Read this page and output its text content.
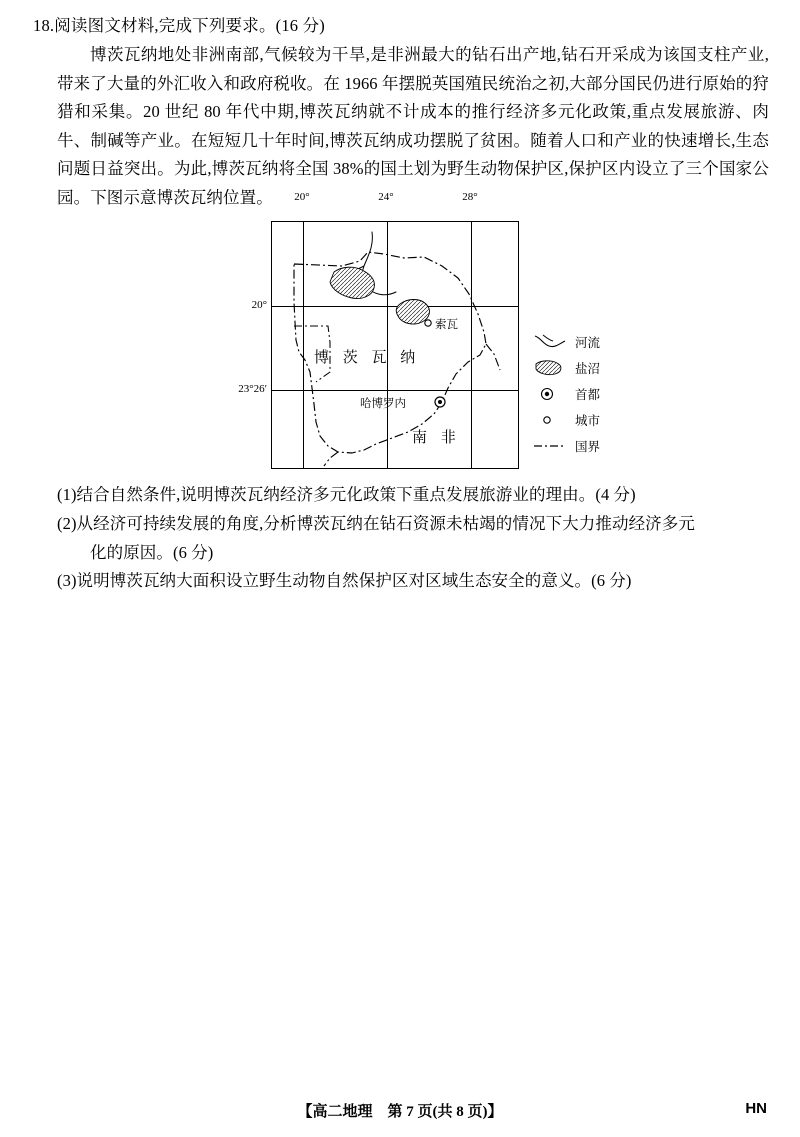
18.阅读图文材料,完成下列要求。(16 分)
博茨瓦纳地处非洲南部,气候较为干旱,是非洲最大的钻石出产地,钻石开采成为该国支柱产业,带来了大量的外汇收入和政府税收。在 1966 年摆脱英国殖民统治之初,大部分国民仍进行原始的狩猎和采集。20 世纪 80 年代中期,博茨瓦纳就不计成本的推行经济多元化政策,重点发展旅游、肉牛、制碱等产业。在短短几十年时间,博茨瓦纳成功摆脱了贫困。随着人口和产业的快速增长,生态问题日益突出。为此,博茨瓦纳将全国 38%的国土划为野生动物保护区,保护区内设立了三个国家公园。下图示意博茨瓦纳位置。	20°	24°	28°
20°
23°26′
博 茨 瓦 纳
南 非
索瓦
哈博罗内
河流
盐沼
首都
城市
国界
(1)结合自然条件,说明博茨瓦纳经济多元化政策下重点发展旅游业的理由。(4 分)
(2)从经济可持续发展的角度,分析博茨瓦纳在钻石资源未枯竭的情况下大力推动经济多元
化的原因。(6 分)
(3)说明博茨瓦纳大面积设立野生动物自然保护区对区域生态安全的意义。(6 分)
【高二地理　第 7 页(共 8 页)】	HN
